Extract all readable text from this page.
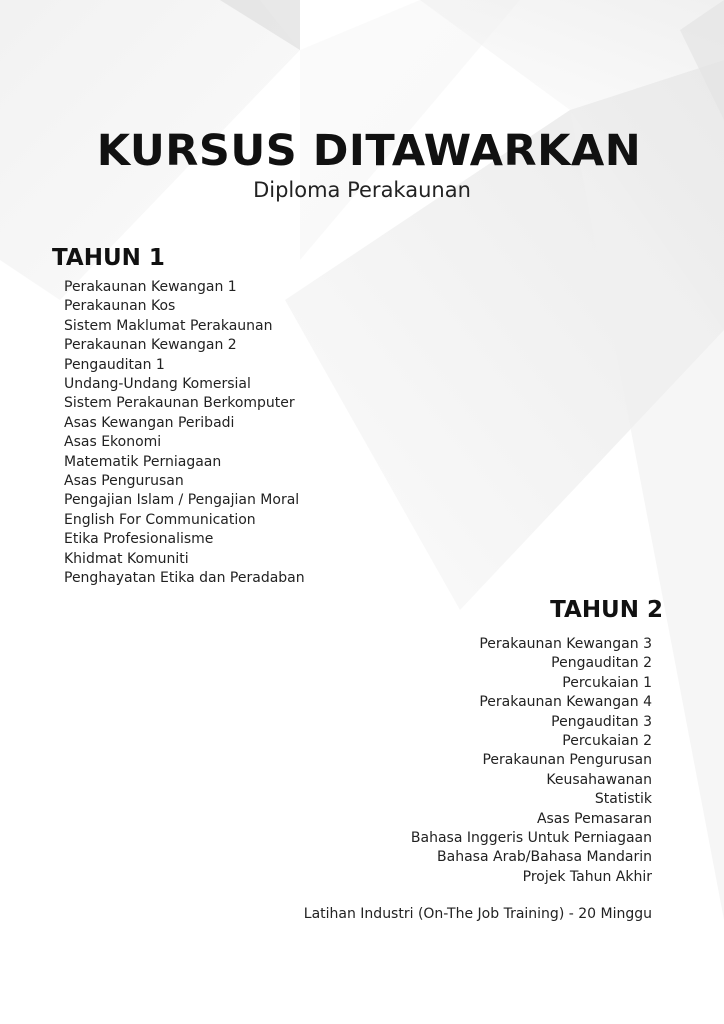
KURSUS DITAWARKAN
Diploma Perakaunan
TAHUN 1
Perakaunan Kewangan 1
Perakaunan Kos
Sistem Maklumat Perakaunan
Perakaunan Kewangan 2
Pengauditan 1
Undang-Undang Komersial
Sistem Perakaunan Berkomputer
Asas Kewangan Peribadi
Asas Ekonomi
Matematik Perniagaan
Asas Pengurusan
Pengajian Islam / Pengajian Moral
English For Communication
Etika Profesionalisme
Khidmat Komuniti
Penghayatan Etika dan Peradaban
TAHUN 2
Perakaunan Kewangan 3
Pengauditan 2
Percukaian 1
Perakaunan Kewangan 4
Pengauditan 3
Percukaian 2
Perakaunan Pengurusan
Keusahawanan
Statistik
Asas Pemasaran
Bahasa Inggeris Untuk Perniagaan
Bahasa Arab/Bahasa Mandarin
Projek Tahun Akhir
Latihan Industri (On-The Job Training) - 20 Minggu
